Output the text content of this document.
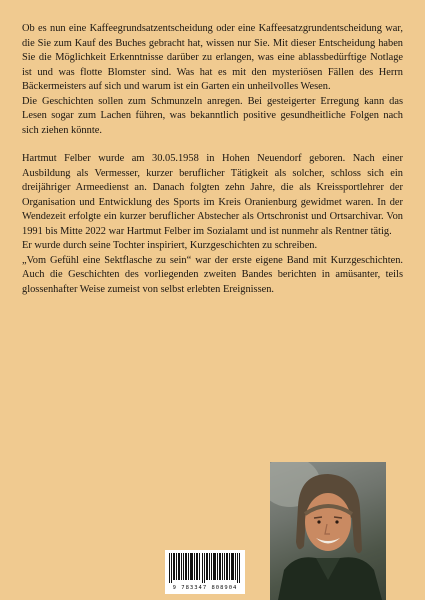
Ob es nun eine Kaffeegrundsatzentscheidung oder eine Kaffeesatzgrundentscheidung war, die Sie zum Kauf des Buches gebracht hat, wissen nur Sie. Mit dieser Entscheidung haben Sie die Möglichkeit Erkenntnisse darüber zu erlangen, was eine ablassbedürftige Notlage ist und was flotte Blomster sind. Was hat es mit den mysteriösen Fällen des Herrn Bäckermeisters auf sich und warum ist ein Garten ein unheilvolles Wesen.

Die Geschichten sollen zum Schmunzeln anregen. Bei gesteigerter Erregung kann das Lesen sogar zum Lachen führen, was bekanntlich positive gesundheitliche Folgen nach sich ziehen könnte.

Hartmut Felber wurde am 30.05.1958 in Hohen Neuendorf geboren. Nach einer Ausbildung als Vermesser, kurzer beruflicher Tätigkeit als solcher, schloss sich ein dreijähriger Armeedienst an. Danach folgten zehn Jahre, die als Kreissportlehrer der Organisation und Entwicklung des Sports im Kreis Oranienburg gewidmet waren. In der Wendezeit erfolgte ein kurzer beruflicher Abstecher als Ortschronist und Ortsarchivar. Von 1991 bis Mitte 2022 war Hartmut Felber im Sozialamt und ist nunmehr als Rentner tätig.

Er wurde durch seine Tochter inspiriert, Kurzgeschichten zu schreiben.

„Vom Gefühl eine Sektflasche zu sein“ war der erste eigene Band mit Kurzgeschichten. Auch die Geschichten des vorliegenden zweiten Bandes berichten in amüsanter, teils glossenhafter Weise zumeist von selbst erlebten Ereignissen.

9 783347 808904
